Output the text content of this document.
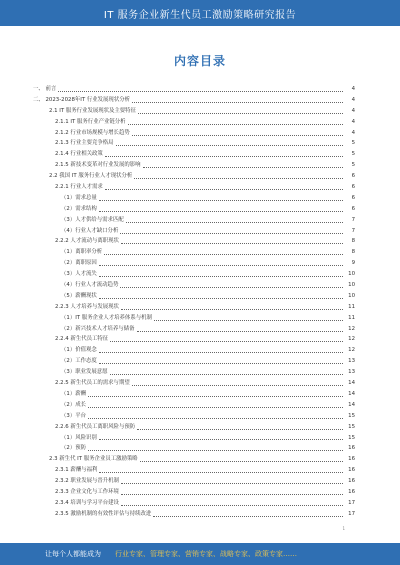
IT 服务企业新生代员工激励策略研究报告
内容目录
一、 前言	4
二、 2023-2028年IT 行业发展现状分析	4
2.1 IT 服务行业发展现状及主要特征	4
2.1.1 IT 服务行业产业链分析	4
2.1.2 行业市场规模与增长趋势	4
2.1.3 行业主要竞争格局	5
2.1.4 行业相关政策	5
2.1.5 新技术变革对行业发展的影响	5
2.2 我国 IT 服务行业人才现状分析	6
2.2.1 行业人才需求	6
（1）需求总量	6
（2）需求结构	6
（3）人才供给与需求匹配	7
（4）行业人才缺口分析	7
2.2.2 人才流动与离职现状	8
（1）离职率分析	8
（2）离职原因	9
（3）人才流失	10
（4）行业人才流动趋势	10
（5）薪酬现状	10
2.2.3 人才培养与发展现状	11
（1）IT 服务企业人才培养体系与机制	11
（2）新兴技术人才培养与储备	12
2.2.4 新生代员工特征	12
（1）价值观念	12
（2）工作态度	13
（3）职业发展意愿	13
2.2.5 新生代员工的需求与期望	14
（1）薪酬	14
（2）成长	14
（3）平台	15
2.2.6 新生代员工离职风险与预防	15
（1）风险识别	15
（2）预防	16
2.3 新生代 IT 服务企业员工激励策略	16
2.3.1 薪酬与福利	16
2.3.2 职业发展与晋升机制	16
2.3.3 企业文化与工作环境	16
2.3.4 培训与学习平台建设	17
2.3.5 激励机制的有效性评估与持续改进	17
1
让每个人都能成为 行业专家、管理专家、营销专家、战略专家、政策专家……
